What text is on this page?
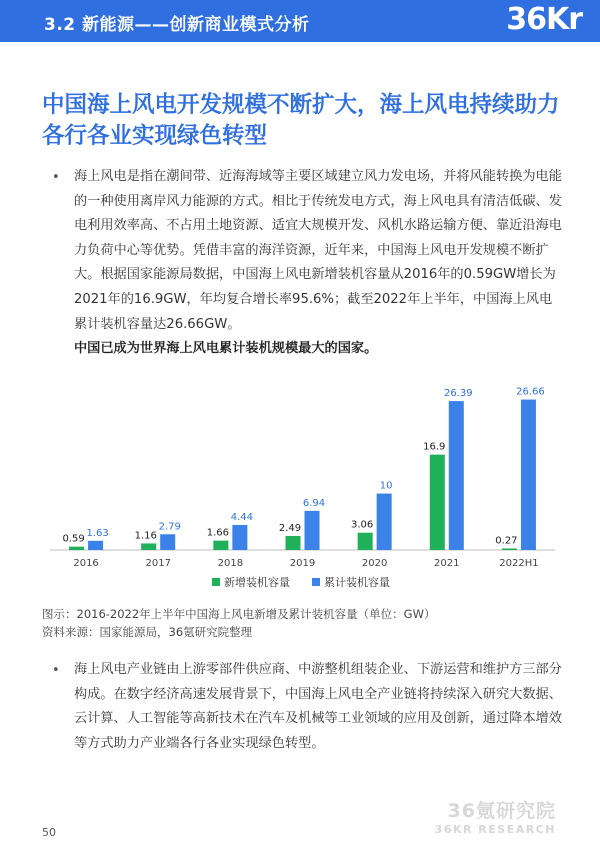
3.2 新能源——创新商业模式分析	36Kr
中国海上风电开发规模不断扩大，海上风电持续助力各行各业实现绿色转型
• 海上风电是指在潮间带、近海海域等主要区域建立风力发电场，并将风能转换为电能的一种使用离岸风力能源的方式。相比于传统发电方式，海上风电具有清洁低碳、发电利用效率高、不占用土地资源、适宜大规模开发、风机水路运输方便、靠近沿海电力负荷中心等优势。凭借丰富的海洋资源，近年来，中国海上风电开发规模不断扩大。根据国家能源局数据，中国海上风电新增装机容量从2016年的0.59GW增长为2021年的16.9GW，年均复合增长率95.6%；截至2022年上半年，中国海上风电累计装机容量达26.66GW。
中国已成为世界海上风电累计装机规模最大的国家。
0.59
1.63
2016
1.16
2.79
2017
1.66
4.44
2018
2.49
6.94
2019
3.06
10
2020
16.9
26.39
2021
0.27
26.66
2022H1
新增装机容量	累计装机容量
图示：2016-2022年上半年中国海上风电新增及累计装机容量（单位：GW）
资料来源：国家能源局，36氪研究院整理
• 海上风电产业链由上游零部件供应商、中游整机组装企业、下游运营和维护方三部分构成。在数字经济高速发展背景下，中国海上风电全产业链将持续深入研究大数据、云计算、人工智能等高新技术在汽车及机械等工业领域的应用及创新，通过降本增效等方式助力产业端各行各业实现绿色转型。
36氪研究院
36KR RESEARCH
50
